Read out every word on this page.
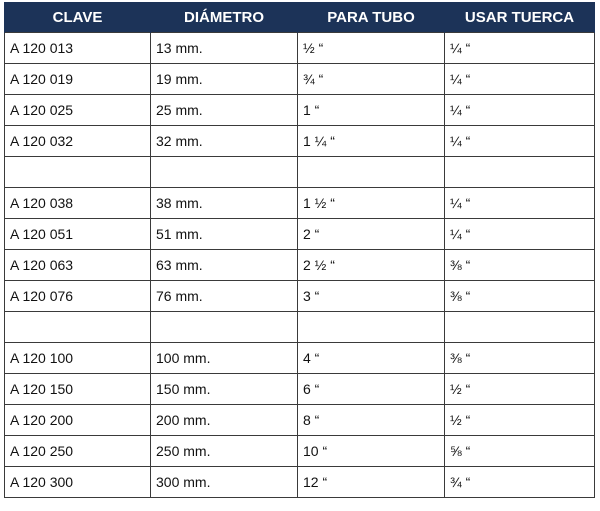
CLAVE	DIÁMETRO	PARA TUBO	USAR TUERCA
A 120 013	13 mm.	½ “	¼ “
A 120 019	19 mm.	¾ “	¼ “
A 120 025	25 mm.	1 “	¼ “
A 120 032	32 mm.	1 ¼ “	¼ “

A 120 038	38 mm.	1 ½ “	¼ “
A 120 051	51 mm.	2 “	¼ “
A 120 063	63 mm.	2 ½ “	⅜ “
A 120 076	76 mm.	3 “	⅜ “

A 120 100	100 mm.	4 “	⅜ “
A 120 150	150 mm.	6 “	½ “
A 120 200	200 mm.	8 “	½ “
A 120 250	250 mm.	10 “	⅝ “
A 120 300	300 mm.	12 “	¾ “
